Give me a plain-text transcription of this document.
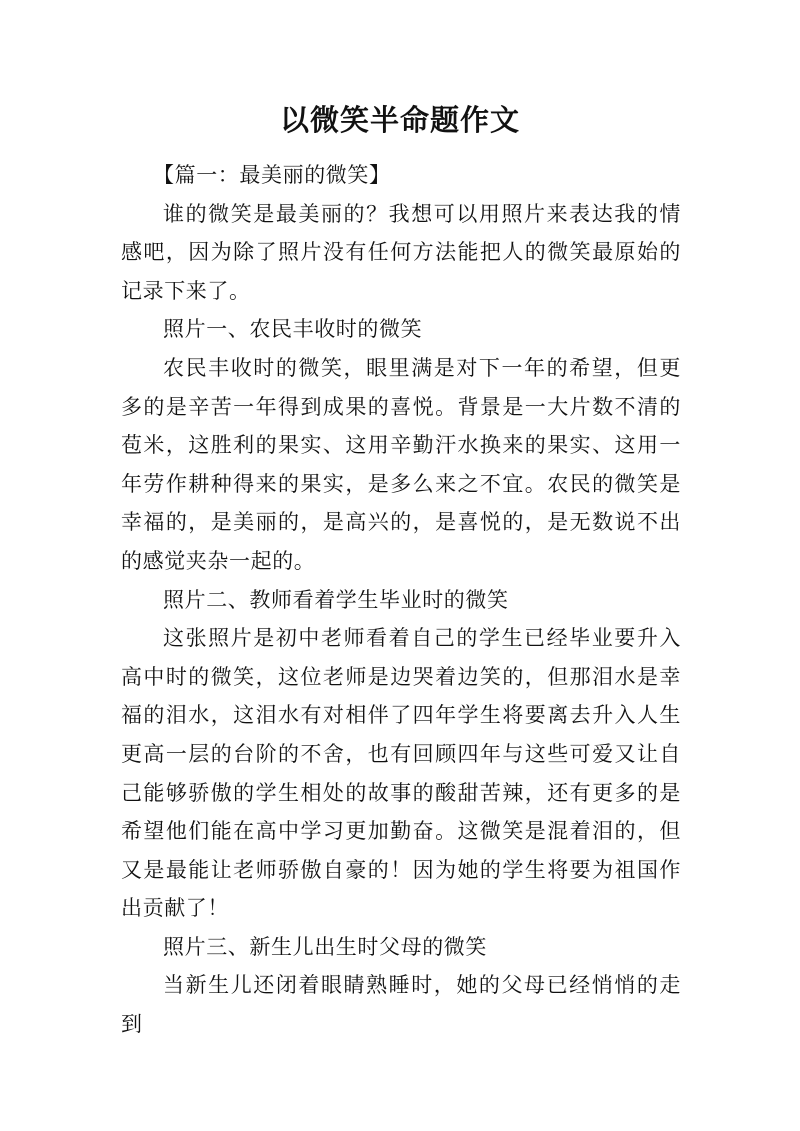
以微笑半命题作文

【篇一：最美丽的微笑】

谁的微笑是最美丽的？我想可以用照片来表达我的情感吧，因为除了照片没有任何方法能把人的微笑最原始的记录下来了。

照片一、农民丰收时的微笑

农民丰收时的微笑，眼里满是对下一年的希望，但更多的是辛苦一年得到成果的喜悦。背景是一大片数不清的苞米，这胜利的果实、这用辛勤汗水换来的果实、这用一年劳作耕种得来的果实，是多么来之不宜。农民的微笑是幸福的，是美丽的，是高兴的，是喜悦的，是无数说不出的感觉夹杂一起的。

照片二、教师看着学生毕业时的微笑

这张照片是初中老师看着自己的学生已经毕业要升入高中时的微笑，这位老师是边哭着边笑的，但那泪水是幸福的泪水，这泪水有对相伴了四年学生将要离去升入人生更高一层的台阶的不舍，也有回顾四年与这些可爱又让自己能够骄傲的学生相处的故事的酸甜苦辣，还有更多的是希望他们能在高中学习更加勤奋。这微笑是混着泪的，但又是最能让老师骄傲自豪的！因为她的学生将要为祖国作出贡献了！

照片三、新生儿出生时父母的微笑

当新生儿还闭着眼睛熟睡时，她的父母已经悄悄的走到
